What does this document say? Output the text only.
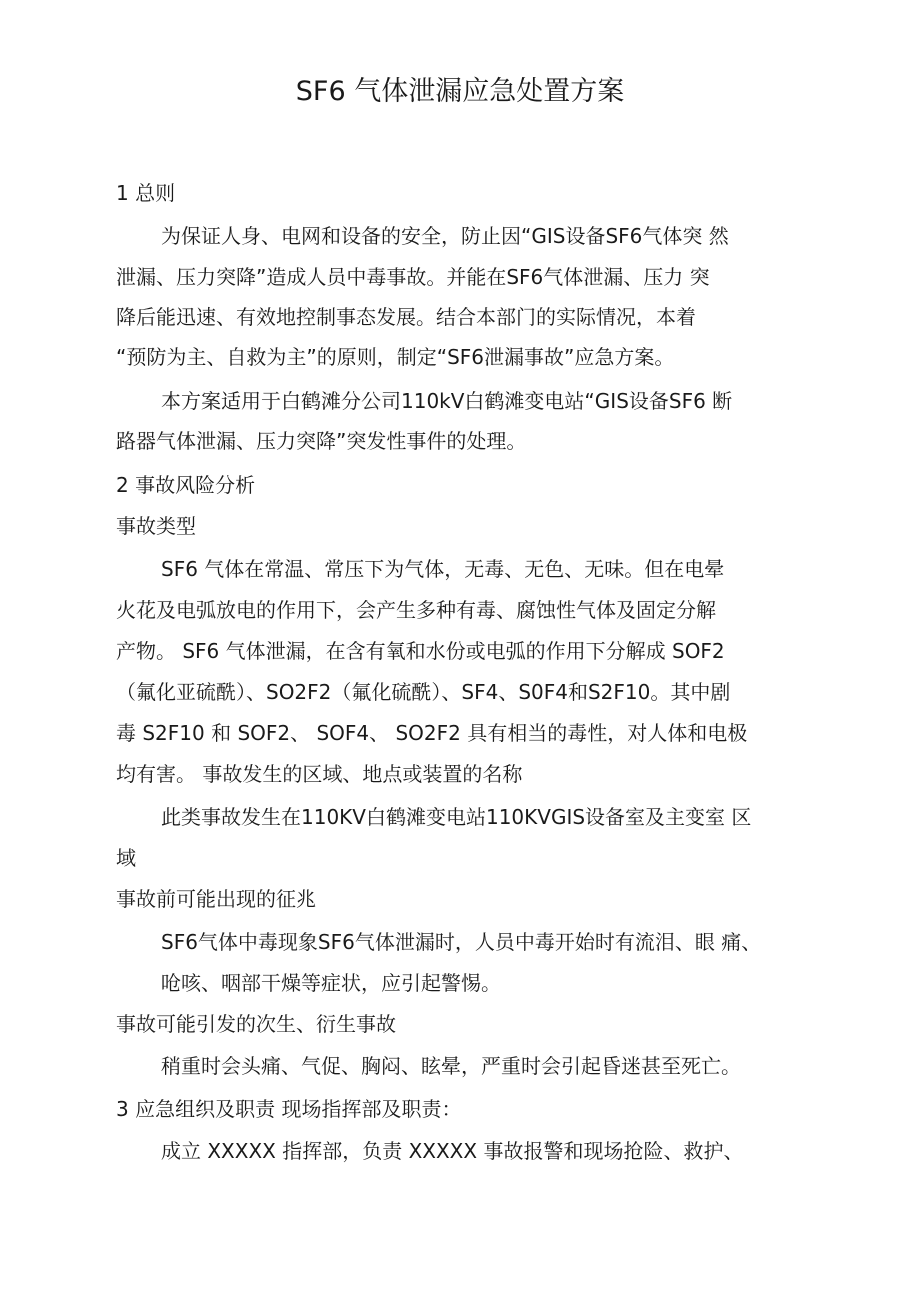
SF6 气体泄漏应急处置方案
1 总则
为保证人身、电网和设备的安全，防止因“GIS设备SF6气体突 然
泄漏、压力突降”造成人员中毒事故。并能在SF6气体泄漏、压力 突
降后能迅速、有效地控制事态发展。结合本部门的实际情况，本着
“预防为主、自救为主”的原则，制定“SF6泄漏事故”应急方案。
本方案适用于白鹤滩分公司110kV白鹤滩变电站“GIS设备SF6 断
路器气体泄漏、压力突降”突发性事件的处理。
2 事故风险分析
事故类型
SF6 气体在常温、常压下为气体，无毒、无色、无味。但在电晕
火花及电弧放电的作用下，会产生多种有毒、腐蚀性气体及固定分解
产物。 SF6 气体泄漏，在含有氧和水份或电弧的作用下分解成 SOF2
（氟化亚硫酰）、SO2F2（氟化硫酰）、SF4、S0F4和S2F10。其中剧
毒 S2F10 和 SOF2、 SOF4、 SO2F2 具有相当的毒性，对人体和电极
均有害。 事故发生的区域、地点或装置的名称
此类事故发生在110KV白鹤滩变电站110KVGIS设备室及主变室 区
域
事故前可能出现的征兆
SF6气体中毒现象SF6气体泄漏时，人员中毒开始时有流泪、眼 痛、
呛咳、咽部干燥等症状，应引起警惕。
事故可能引发的次生、衍生事故
稍重时会头痛、气促、胸闷、眩晕，严重时会引起昏迷甚至死亡。
3 应急组织及职责 现场指挥部及职责：
成立 XXXXX 指挥部，负责 XXXXX 事故报警和现场抢险、救护、
